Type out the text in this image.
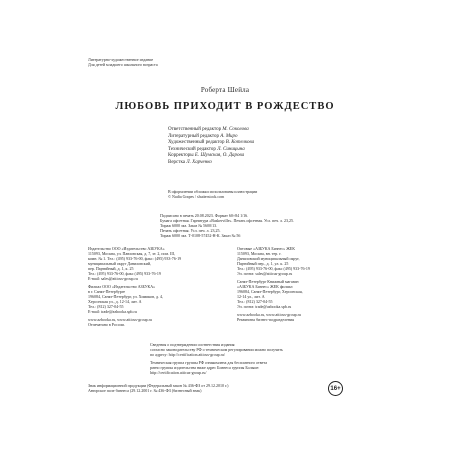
Литературно-художественное издание
Для детей младшего школьного возраста
Роберта Шейла
ЛЮБОВЬ ПРИХОДИТ В РОЖДЕСТВО
Ответственный редактор М. Соколова
Литературный редактор А. Миро
Художественный редактор В. Котелкова
Технический редактор Л. Синицына
Корректоры Е. Шумская, О. Дарова
Верстка Л. Харченко
В оформлении обложки использованы иллюстрации
© Nadia Grapes / shutterstock.com
Подписано в печать 20.08.2023. Формат 60×84 1/16.
Бумага офсетная. Гарнитура «Baskerville». Печать офсетная. Усл. печ. л. 23,25.
Тираж 6000 экз. Заказ № 5600/13.
Печать офсетная. Усл. печ. л. 23,25.
Тираж 6000 экз. Т-0108-57452-Н-К. Заказ № 56
Издательство ООО «Издательство АЗБУКА»
115093, Москва, ул. Павловская, д. 7, эт. 2, пом. III,
комн. № 1. Тел.: (495) 933-76-00, факс: (495) 933-76-19
муниципальный округ Даниловский,
пер. Партийный, д. 1, к. 25
Тел.: (495) 933-76-00, факс (495) 933-76-19
E-mail: sales@atticus-group.ru
Филиал ООО «Издательство АЗБУКА»
в г. Санкт-Петербурге
196084, Санкт-Петербург, ул. Химиков, д. 4,
Херсонская ул., д. 12-14, лит. А
Тел.: (812) 327-04-55
E-mail: trade@azbooka.spb.ru
www.azbooka.ru, www.atticus-group.ru
Отпечатано в России.
Оптовые «АЗБУКА Бизнес» ЖЕК
115093, Москва, вн. тер. г.
Даниловский муниципальный округ,
Партийный пер., д. 1, ул. к. 25
Тел.: (495) 933-76-00, факс (495) 933-76-19
Эл. почта: sales@atticus-group.ru
Санкт-Петербург Книжный магазин
«АЗБУКА Бизнес» ЖЕК филиал
196084, Санкт-Петербург, Херсонская,
12-14 ул., лит. А
Тел.: (812) 327-04-55
Эл. почта: trade@azbooka.spb.ru
www.azbooka.ru, www.atticus-group.ru
Реквизиты бизнес-подразделения
Сведения о подтверждении соответствия издания
согласно законодательству РФ о техническом регулировании можно получить
по адресу: http://certification.atticus-group.ru/
Техническая группа группы РФ ознакомлена для бесплатного ответа
ратно группы издательства ниже адрес Бизнеса группы Больше:
http://certification.atticus-group.ru/
Знак информационной продукции (Федеральный закон № 436-ФЗ от 29.12.2010 г.)
Авторское поле бизнеса (29.12.2001 г. № 436-ФЗ (бизнесный знак)	16+
